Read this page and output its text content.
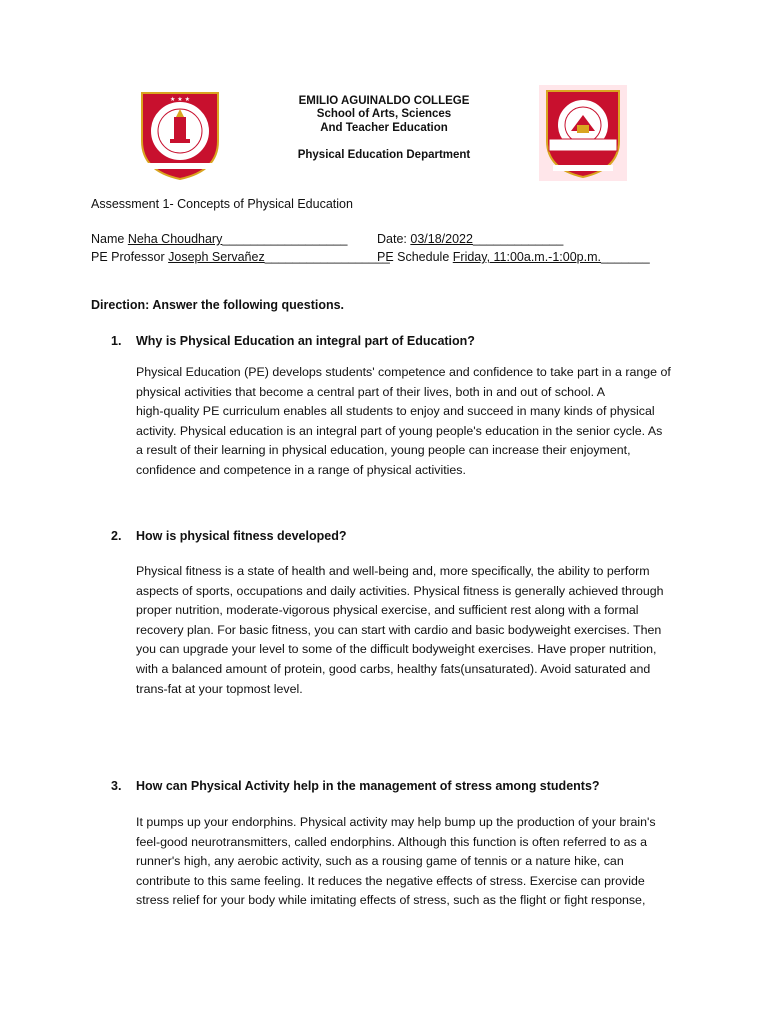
★ ★ ★	EMILIO AGUINALDO COLLEGE
School of Arts, Sciences
And Teacher Education
Physical Education Department
Assessment 1- Concepts of Physical Education
Name Neha Choudhary__________________ Date: 03/18/2022_____________
PE Professor Joseph Servañez__________________
PE Schedule Friday, 11:00a.m.-1:00p.m._______
Direction: Answer the following questions.
1. Why is Physical Education an integral part of Education?

Physical Education (PE) develops students' competence and confidence to take part in a range of

physical activities that become a central part of their lives, both in and out of school. A

high-quality PE curriculum enables all students to enjoy and succeed in many kinds of physical

activity. Physical education is an integral part of young people's education in the senior cycle. As

a result of their learning in physical education, young people can increase their enjoyment,

confidence and competence in a range of physical activities.

2. How is physical fitness developed?

Physical fitness is a state of health and well-being and, more specifically, the ability to perform

aspects of sports, occupations and daily activities. Physical fitness is generally achieved through

proper nutrition, moderate-vigorous physical exercise, and sufficient rest along with a formal

recovery plan. For basic fitness, you can start with cardio and basic bodyweight exercises. Then

you can upgrade your level to some of the difficult bodyweight exercises. Have proper nutrition,

with a balanced amount of protein, good carbs, healthy fats(unsaturated). Avoid saturated and

trans-fat at your topmost level.

3. How can Physical Activity help in the management of stress among students?

It pumps up your endorphins. Physical activity may help bump up the production of your brain's

feel-good neurotransmitters, called endorphins. Although this function is often referred to as a

runner's high, any aerobic activity, such as a rousing game of tennis or a nature hike, can

contribute to this same feeling. It reduces the negative effects of stress. Exercise can provide

stress relief for your body while imitating effects of stress, such as the flight or fight response,
